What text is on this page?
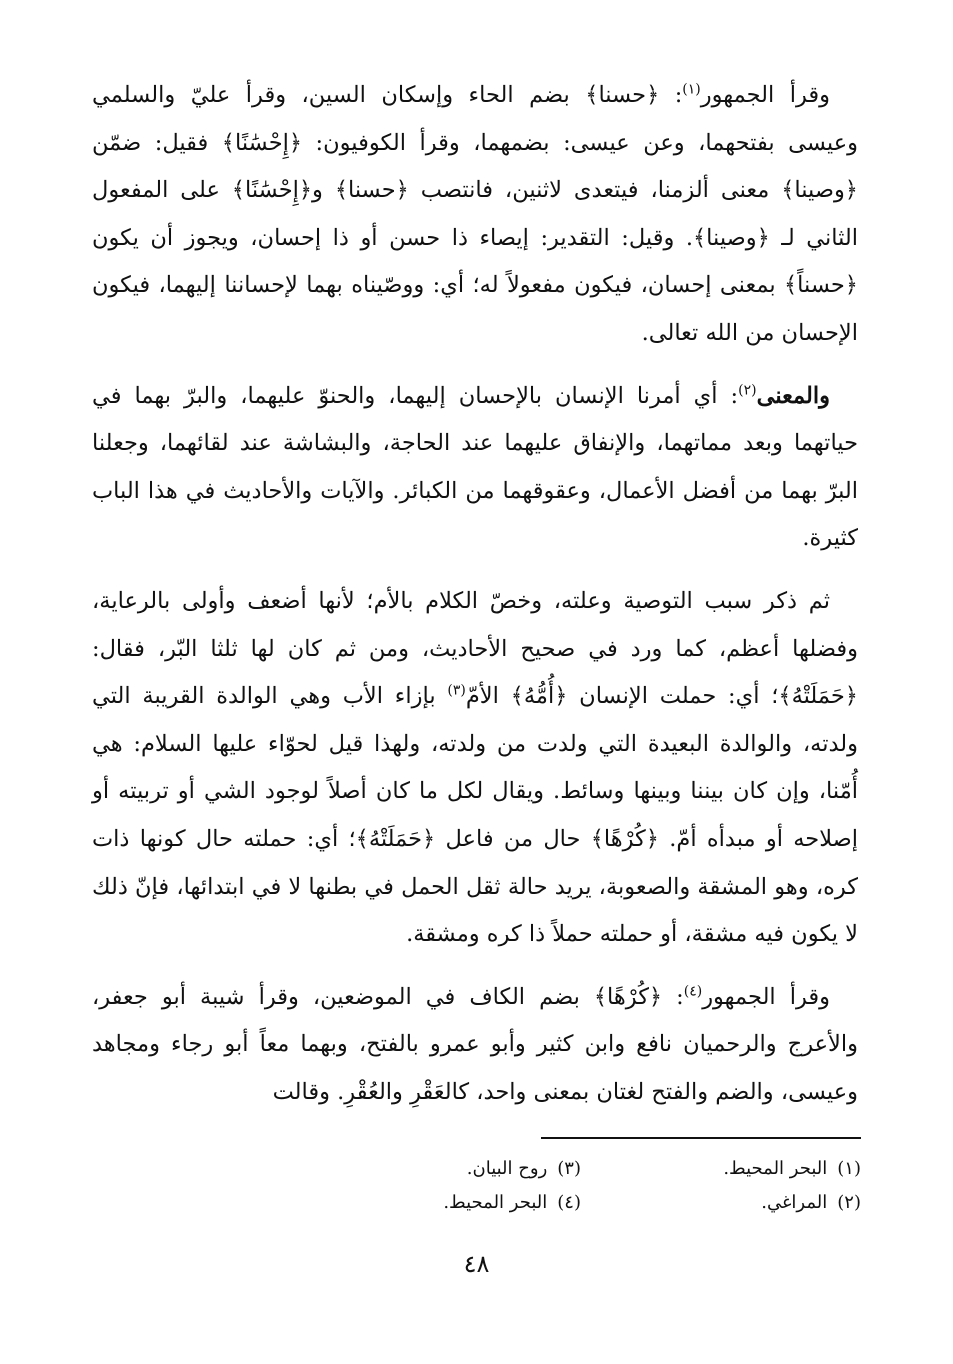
وقرأ الجمهور$^{(١)}$: ﴿حسنا﴾ بضم الحاء وإسكان السين، وقرأ عليّ والسلمي وعيسى بفتحهما، وعن عيسى: بضمهما، وقرأ الكوفيون: ﴿إِحْسَٰنًا﴾ فقيل: ضمّن ﴿وصينا﴾ معنى ألزمنا، فيتعدى لاثنين، فانتصب ﴿حسنا﴾ و﴿إِحْسَٰنًا﴾ على المفعول الثاني لـ ﴿وصينا﴾. وقيل: التقدير: إيصاء ذا حسن أو ذا إحسان، ويجوز أن يكون ﴿حسناً﴾ بمعنى إحسان، فيكون مفعولاً له؛ أي: ووصّيناه بهما لإحساننا إليهما، فيكون الإحسان من الله تعالى.

والمعنى$^{(٢)}$: أي أمرنا الإنسان بالإحسان إليهما، والحنوّ عليهما، والبرّ بهما في حياتهما وبعد مماتهما، والإنفاق عليهما عند الحاجة، والبشاشة عند لقائهما، وجعلنا البرّ بهما من أفضل الأعمال، وعقوقهما من الكبائر. والآيات والأحاديث في هذا الباب كثيرة.

ثم ذكر سبب التوصية وعلته، وخصّ الكلام بالأم؛ لأنها أضعف وأولى بالرعاية، وفضلها أعظم، كما ورد في صحيح الأحاديث، ومن ثم كان لها ثلثا البّر، فقال: ﴿حَمَلَتْهُ﴾؛ أي: حملت الإنسان ﴿أُمُّهُ﴾ الأمّ$^{(٣)}$ بإزاء الأب وهي الوالدة القريبة التي ولدته، والوالدة البعيدة التي ولدت من ولدته، ولهذا قيل لحوّاء عليها السلام: هي أُمّنا، وإن كان بيننا وبينها وسائط. ويقال لكل ما كان أصلاً لوجود الشي أو تربيته أو إصلاحه أو مبدأه أمّ. ﴿كُرْهًا﴾ حال من فاعل ﴿حَمَلَتْهُ﴾؛ أي: حملته حال كونها ذات كره، وهو المشقة والصعوبة، يريد حالة ثقل الحمل في بطنها لا في ابتدائها، فإنّ ذلك لا يكون فيه مشقة، أو حملته حملاً ذا كره ومشقة.

وقرأ الجمهور$^{(٤)}$: ﴿كُرْهًا﴾ بضم الكاف في الموضعين، وقرأ شيبة أبو جعفر، والأعرج والرحميان نافع وابن كثير وأبو عمرو بالفتح، وبهما معاً أبو رجاء ومجاهد وعيسى، والضم والفتح لغتان بمعنى واحد، كالعَقْرِ والعُقْرِ. وقالت

(١)البحر المحيط.
(٣)روح البيان.
(٢)المراغي.
(٤)البحر المحيط.
٤٨
